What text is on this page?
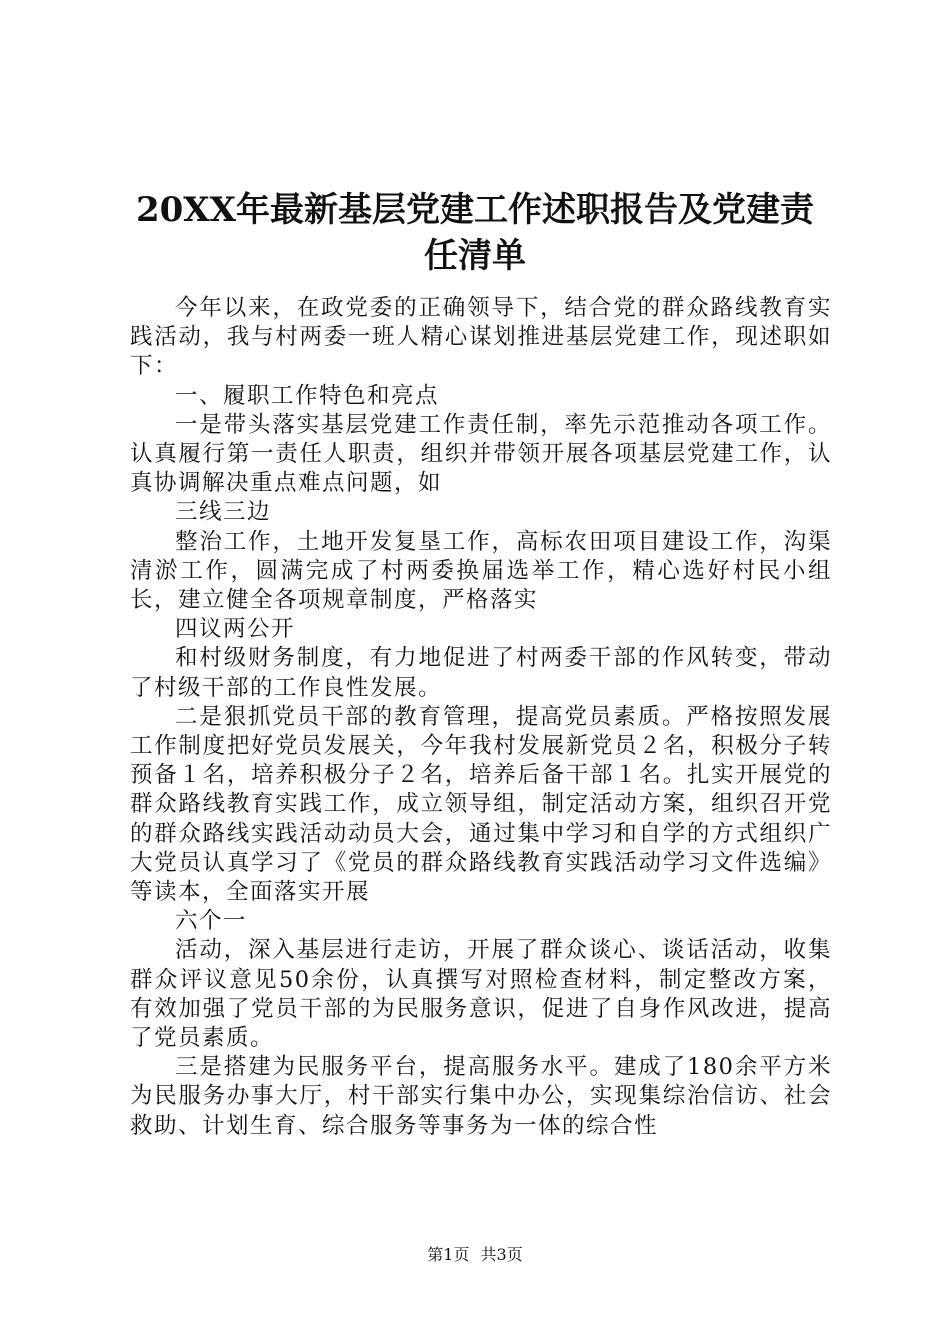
20XX年最新基层党建工作述职报告及党建责
任清单

今年以来，在政党委的正确领导下，结合党的群众路线教育实践活动，我与村两委一班人精心谋划推进基层党建工作，现述职如下：

一、履职工作特色和亮点

一是带头落实基层党建工作责任制，率先示范推动各项工作。认真履行第一责任人职责，组织并带领开展各项基层党建工作，认真协调解决重点难点问题，如

三线三边

整治工作，土地开发复垦工作，高标农田项目建设工作，沟渠清淤工作，圆满完成了村两委换届选举工作，精心选好村民小组长，建立健全各项规章制度，严格落实

四议两公开

和村级财务制度，有力地促进了村两委干部的作风转变，带动了村级干部的工作良性发展。

二是狠抓党员干部的教育管理，提高党员素质。严格按照发展工作制度把好党员发展关，今年我村发展新党员２名，积极分子转预备１名，培养积极分子２名，培养后备干部１名。扎实开展党的群众路线教育实践工作，成立领导组，制定活动方案，组织召开党的群众路线实践活动动员大会，通过集中学习和自学的方式组织广大党员认真学习了《党员的群众路线教育实践活动学习文件选编》等读本，全面落实开展

六个一

活动，深入基层进行走访，开展了群众谈心、谈话活动，收集群众评议意见50余份，认真撰写对照检查材料，制定整改方案，有效加强了党员干部的为民服务意识，促进了自身作风改进，提高了党员素质。

三是搭建为民服务平台，提高服务水平。建成了180余平方米为民服务办事大厅，村干部实行集中办公，实现集综治信访、社会救助、计划生育、综合服务等事务为一体的综合性

第1页 共3页
